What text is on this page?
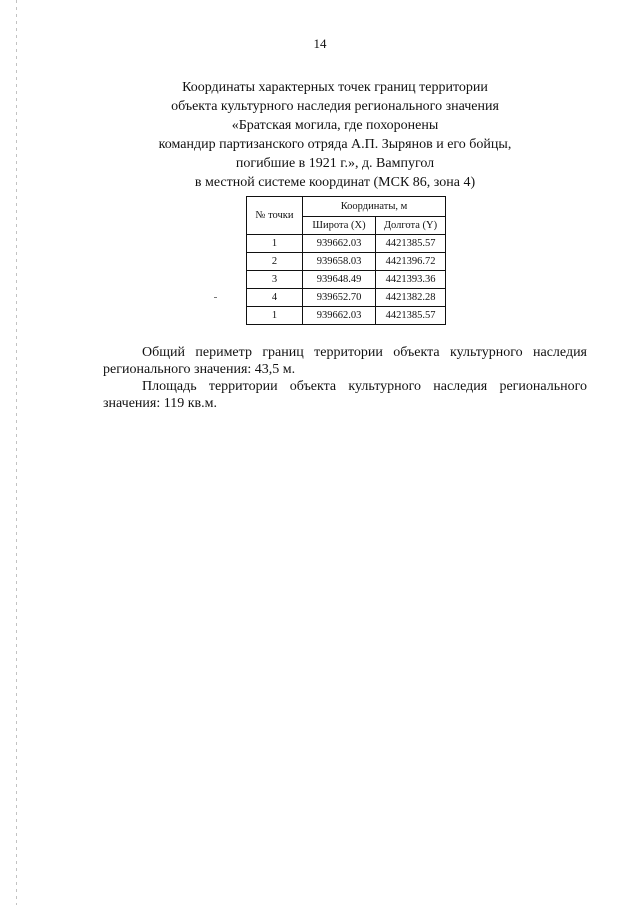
14
Координаты характерных точек границ территории
объекта культурного наследия регионального значения
«Братская могила, где похоронены
командир партизанского отряда А.П. Зырянов и его бойцы,
погибшие в 1921 г.», д. Вампугол
в местной системе координат (МСК 86, зона 4)
№ точки	Координаты, м	
	Широта (X)	Долгота (Y)
1	939662.03	4421385.57
2	939658.03	4421396.72
3	939648.49	4421393.36
4	939652.70	4421382.28
1	939662.03	4421385.57
Общий периметр границ территории объекта культурного наследия
регионального значения: 43,5 м.
Площадь территории объекта культурного наследия регионального
значения: 119 кв.м.
